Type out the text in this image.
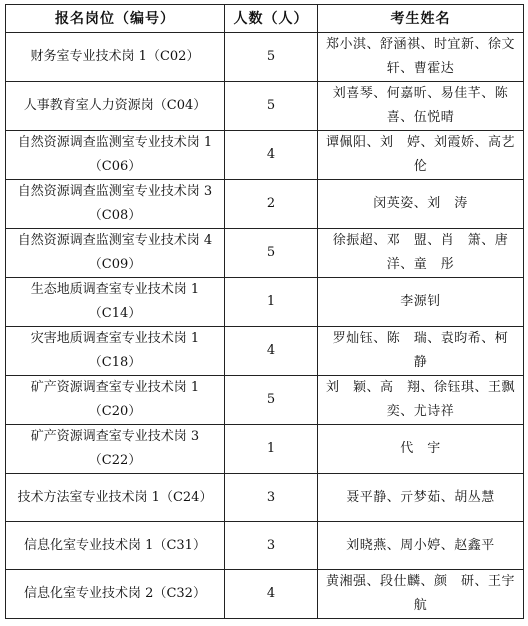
报名岗位（编号）	人数（人）	考生姓名
财务室专业技术岗 1（C02）	5	郑小淇、舒涵祺、时宜新、徐文轩、曹霍达
人事教育室人力资源岗（C04）	5	刘喜琴、何嘉昕、易佳芊、陈　喜、伍悦晴
自然资源调查监测室专业技术岗 1（C06）	4	谭佩阳、刘　婷、刘霞娇、高艺伦
自然资源调查监测室专业技术岗 3（C08）	2	闵英姿、刘　涛
自然资源调查监测室专业技术岗 4（C09）	5	徐振超、邓　盟、肖　箫、唐　洋、童　彤
生态地质调查室专业技术岗 1（C14）	1	李源钊
灾害地质调查室专业技术岗 1（C18）	4	罗灿钰、陈　瑞、袁昀希、柯　静
矿产资源调查室专业技术岗 1（C20）	5	刘　颖、高　翔、徐钰琪、王飘奕、尤诗祥
矿产资源调查室专业技术岗 3（C22）	1	代　宇
技术方法室专业技术岗 1（C24）	3	聂平静、亓梦茹、胡丛慧
信息化室专业技术岗 1（C31）	3	刘晓燕、周小婷、赵鑫平
信息化室专业技术岗 2（C32）	4	黄湘强、段仕麟、颜　研、王宇航
